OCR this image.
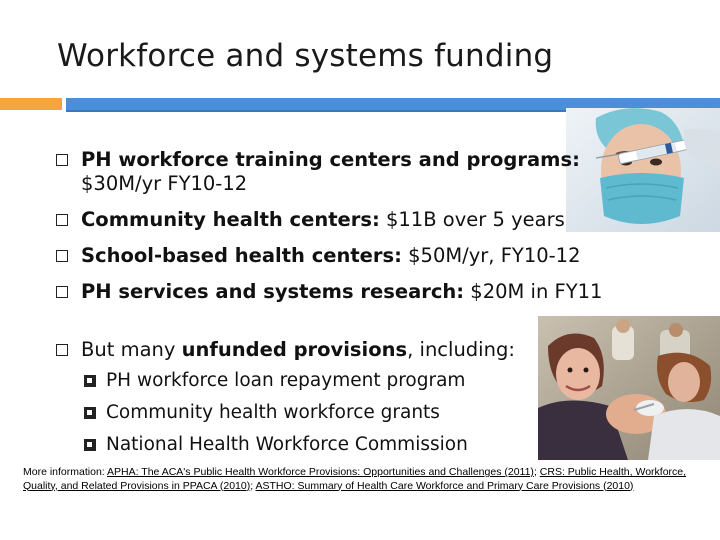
Workforce and systems funding
PH workforce training centers and programs:
$30M/yr FY10-12
Community health centers: $11B over 5 years
School-based health centers: $50M/yr, FY10-12
PH services and systems research: $20M in FY11
But many unfunded provisions, including:
PH workforce loan repayment program
Community health workforce grants
National Health Workforce Commission
More information: APHA: The ACA's Public Health Workforce Provisions: Opportunities and Challenges (2011); CRS: Public Health, Workforce, Quality, and Related Provisions in PPACA (2010); ASTHO: Summary of Health Care Workforce and Primary Care Provisions (2010)
